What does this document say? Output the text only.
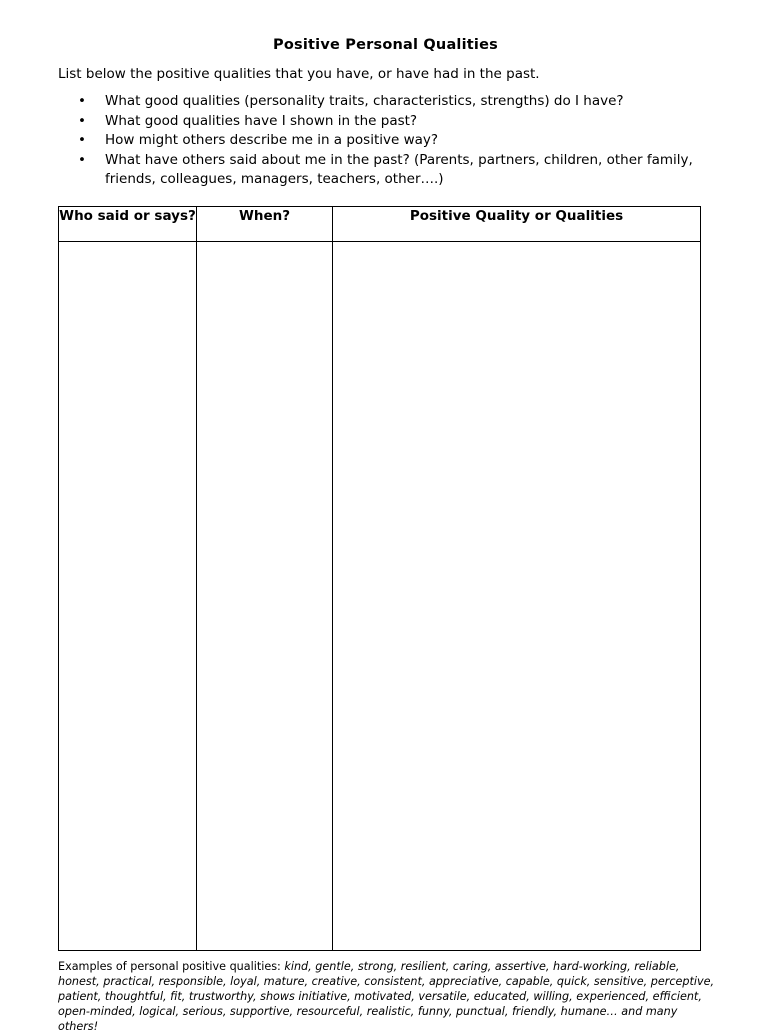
Positive Personal Qualities
List below the positive qualities that you have, or have had in the past.
• What good qualities (personality traits, characteristics, strengths) do I have?
• What good qualities have I shown in the past?
• How might others describe me in a positive way?
• What have others said about me in the past? (Parents, partners, children, other family, friends, colleagues, managers, teachers, other….)
Who said or says?	When?	Positive Quality or Qualities

Examples of personal positive qualities: kind, gentle, strong, resilient, caring, assertive, hard-working, reliable, honest, practical, responsible, loyal, mature, creative, consistent, appreciative, capable, quick, sensitive, perceptive, patient, thoughtful, fit, trustworthy, shows initiative, motivated, versatile, educated, willing, experienced, efficient, open-minded, logical, serious, supportive, resourceful, realistic, funny, punctual, friendly, humane… and many others!
